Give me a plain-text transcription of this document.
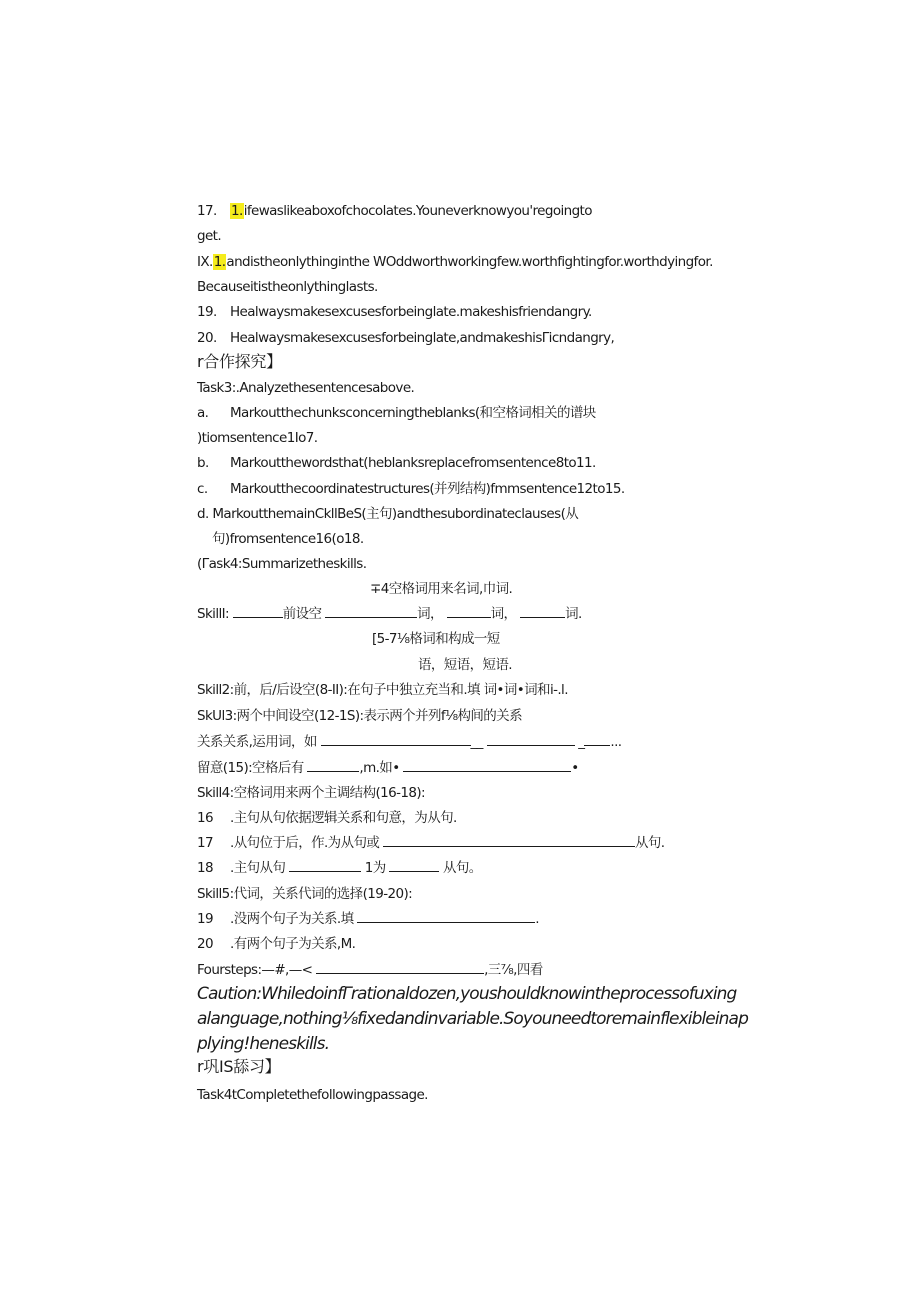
17. 1.ifewaslikeaboxofchocolates.Youneverknowyou'regoingto
get.
IX.1.andistheonlythinginthe WOddworthworkingfew.worthfightingfor.worthdyingfor.
Becauseitistheonlythinglasts.
19. Healwaysmakesexcusesforbeinglate.makeshisfriendangry.
20. Healwaysmakesexcusesforbeinglate,andmakeshisΓicndangry,
r合作探究】
Task3:.Analyzethesentencesabove.
a. Markoutthechunksconcerningtheblanks(和空格词相关的谱块
)tiomsentence1Io7.
b. Markoutthewordsthat(heblanksreplacefromsentence8to11.
c. Markoutthecoordinatestructures(并列结构)fmmsentence12to15.
d. MarkoutthemainCkllBeS(主句)andthesubordinateclauses(从
句)fromsentence16(o18.
(Γask4:Summarizetheskills.
∓4空格词用来名词,巾词.
SkillI:	前设空	词，	词，	词.
[5-7⅛格词和构成一短
语，短语，短语.
Skill2:前，后/后设空(8-II):在句子中独立充当和.填 词•词•词和i-.l.
SkUl3:两个中间设空(12-1S):表示两个并列f⅛构间的关系
关系关系,运用词，如	__	_ ...
留意(15):空格后有	,m.如•	•
Skill4:空格词用来两个主调结构(16-18):
16 .主句从句依据逻辑关系和句意，为从句.
17 .从句位于后，作.为从句或	从句.
18 .主句从句	1为	从句。
Skill5:代词，关系代词的选择(19-20):
19 .没两个句子为关系.填	.
20 .有两个句子为关系,M.
Foursteps:—#,—<	,三⅞,四看
Caution:WhiledoinfΓrationaldozen,youshouldknowintheprocessofuxing
alanguage,nothing⅛fixedandinvariable.Soyouneedtoremainflexibleinap
plying!heneskills.
r巩IS舔习】
Task4tCompletethefollowingpassage.
